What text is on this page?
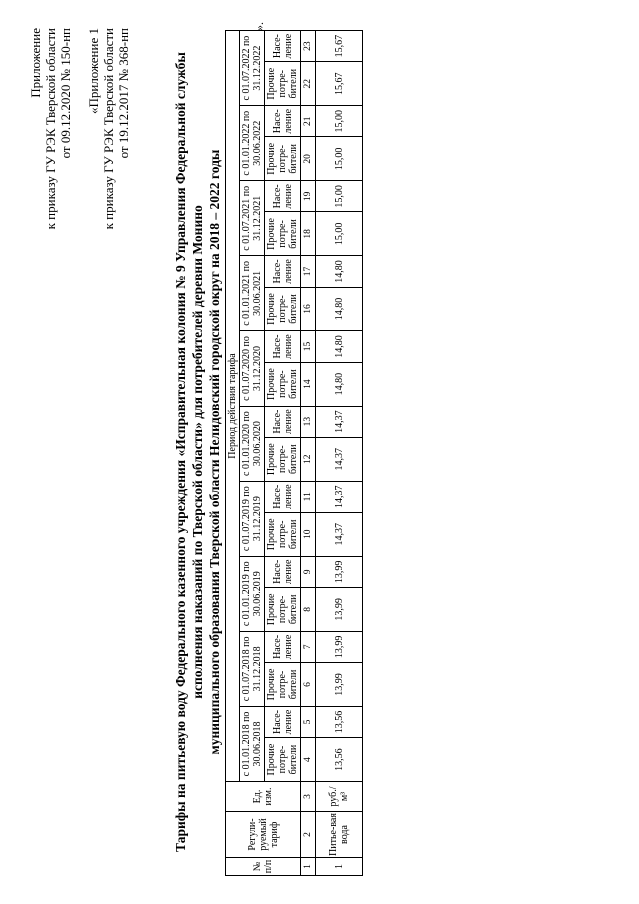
Приложение к приказу ГУ РЭК Тверской области от 09.12.2020 № 150-нп «Приложение 1 к приказу ГУ РЭК Тверской области от 19.12.2017 № 368-нп	Тарифы на питьевую воду Федерального казенного учреждения «Исправительная колония № 9 Управления Федеральной службы исполнения наказаний по Тверской области» для потребителей деревни Монино муниципального образования Тверской области Нелидовский городской округ на 2018 – 2022 годы
№ п/п	Регули-руемый тариф	Ед. изм.	Период действия тарифа																			
			с 01.01.2018 по 30.06.2018		с 01.07.2018 по 31.12.2018		с 01.01.2019 по 30.06.2019		с 01.07.2019 по 31.12.2019		с 01.01.2020 по 30.06.2020		с 01.07.2020 по 31.12.2020		с 01.01.2021 по 30.06.2021		с 01.07.2021 по 31.12.2021		с 01.01.2022 по 30.06.2022		с 01.07.2022 по 31.12.2022	
			Прочие потре-бители	Насе-ление	Прочие потре-бители	Насе-ление	Прочие потре-бители	Насе-ление	Прочие потре-бители	Насе-ление	Прочие потре-бители	Насе-ление	Прочие потре-бители	Насе-ление	Прочие потре-бители	Насе-ление	Прочие потре-бители	Насе-ление	Прочие потре-бители	Насе-ление	Прочие потре-бители	Насе-ление
1	2	3	4	5	6	7	8	9	10	11	12	13	14	15	16	17	18	19	20	21	22	23
1	Питье-вая вода	руб./м³	13,56	13,56	13,99	13,99	13,99	13,99	14,37	14,37	14,37	14,37	14,80	14,80	14,80	14,80	15,00	15,00	15,00	15,00	15,67	15,67
».
